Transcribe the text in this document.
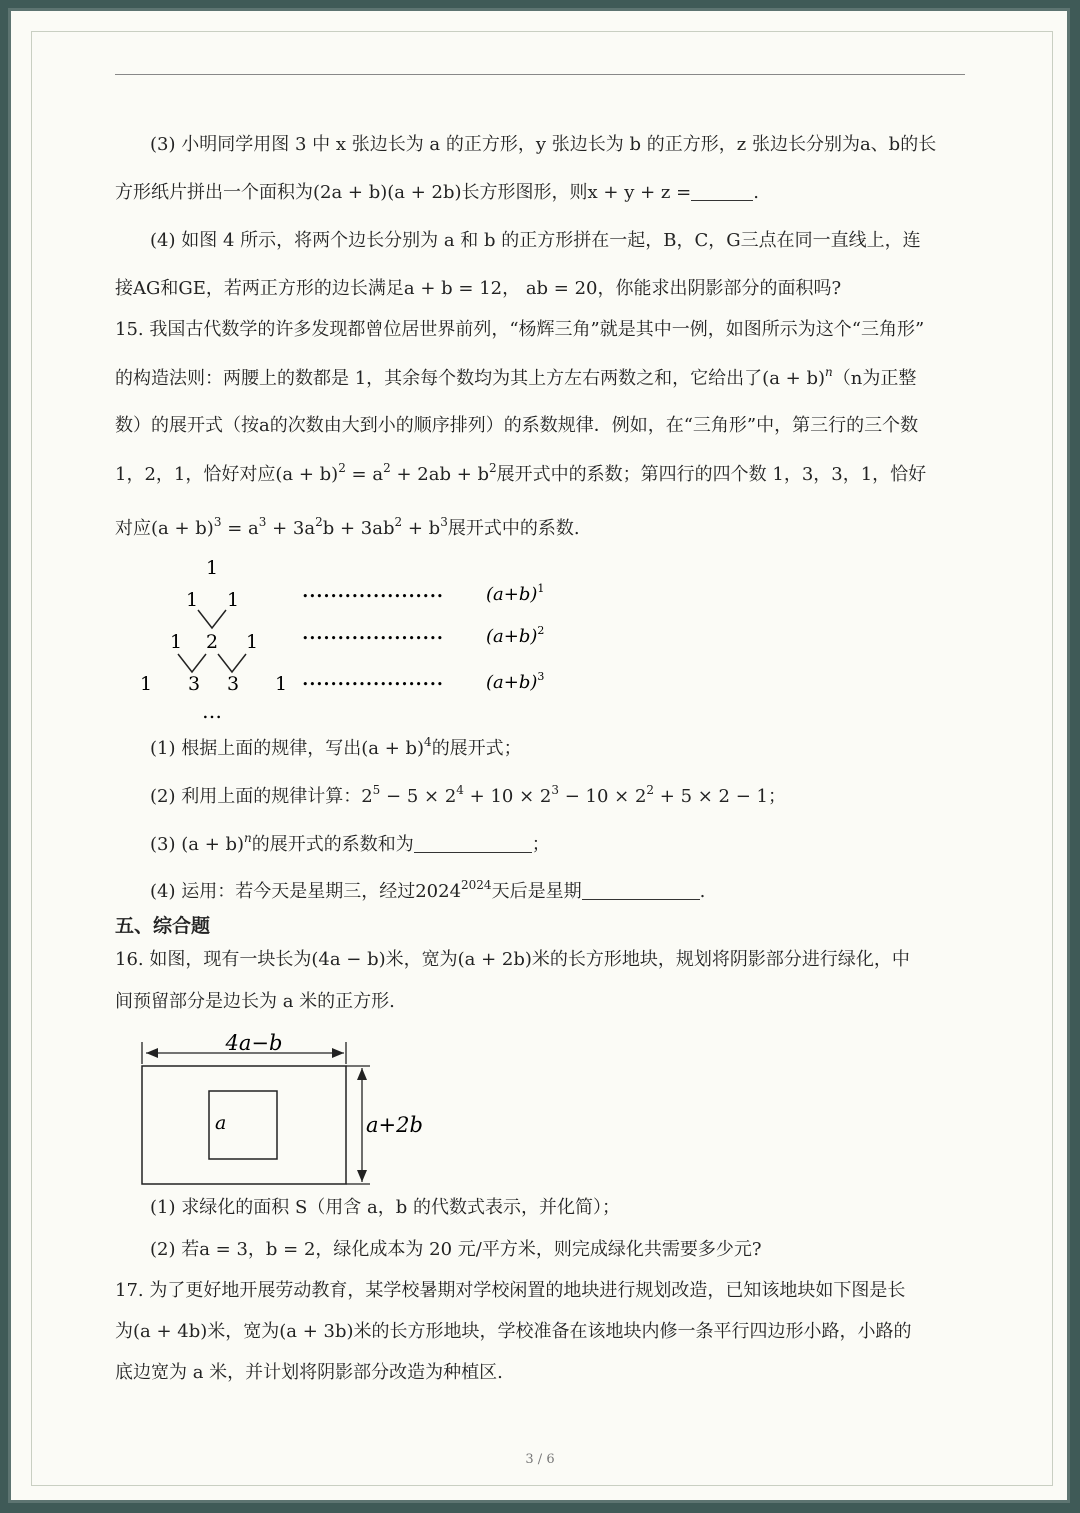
(3) 小明同学用图 3 中 x 张边长为 a 的正方形，y 张边长为 b 的正方形，z 张边长分别为a、b的长
方形纸片拼出一个面积为(2a + b)(a + 2b)长方形图形，则x + y + z =	.
(4) 如图 4 所示，将两个边长分别为 a 和 b 的正方形拼在一起，B，C，G三点在同一直线上，连
接AG和GE，若两正方形的边长满足a + b = 12， ab = 20，你能求出阴影部分的面积吗?
15. 我国古代数学的许多发现都曾位居世界前列，“杨辉三角”就是其中一例，如图所示为这个“三角形”
的构造法则：两腰上的数都是 1，其余每个数均为其上方左右两数之和，它给出了$(a + b)^n(n$为正整
数）的展开式（按a的次数由大到小的顺序排列）的系数规律．例如，在“三角形”中，第三行的三个数
1，2，1，恰好对应$(a + b)^2 = a^2 + 2ab + b^2$展开式中的系数；第四行的四个数 1，3，3，1，恰好
对应$(a + b)^3 = a^3 + 3a^2b + 3ab^2 + b^3$展开式中的系数.
1
1 1
1 2 1
1 3 3 1
…
••••••••••••••••••••
••••••••••••••••••••
••••••••••••••••••••
$(a+b)^1$
$(a+b)^2$
$(a+b)^3$
(1) 根据上面的规律，写出$(a + b)^4$的展开式；
(2) 利用上面的规律计算：$2^5 - 5 \times 2^4 + 10 \times 2^3 - 10 \times 2^2 + 5 \times 2 - 1$；
(3) $(a + b)^n$的展开式的系数和为	；
(4) 运用：若今天是星期三，经过$2024^{2024}$天后是星期	.
五、综合题
16. 如图，现有一块长为(4a − b)米，宽为(a + 2b)米的长方形地块，规划将阴影部分进行绿化，中
间预留部分是边长为 a 米的正方形.
4a−b
a	a+2b
(1) 求绿化的面积 S（用含 a，b 的代数式表示，并化简）；
(2) 若a = 3，b = 2，绿化成本为 20 元/平方米，则完成绿化共需要多少元?
17. 为了更好地开展劳动教育，某学校暑期对学校闲置的地块进行规划改造，已知该地块如下图是长
为(a + 4b)米，宽为(a + 3b)米的长方形地块，学校准备在该地块内修一条平行四边形小路，小路的
底边宽为 a 米，并计划将阴影部分改造为种植区.
3 / 6
